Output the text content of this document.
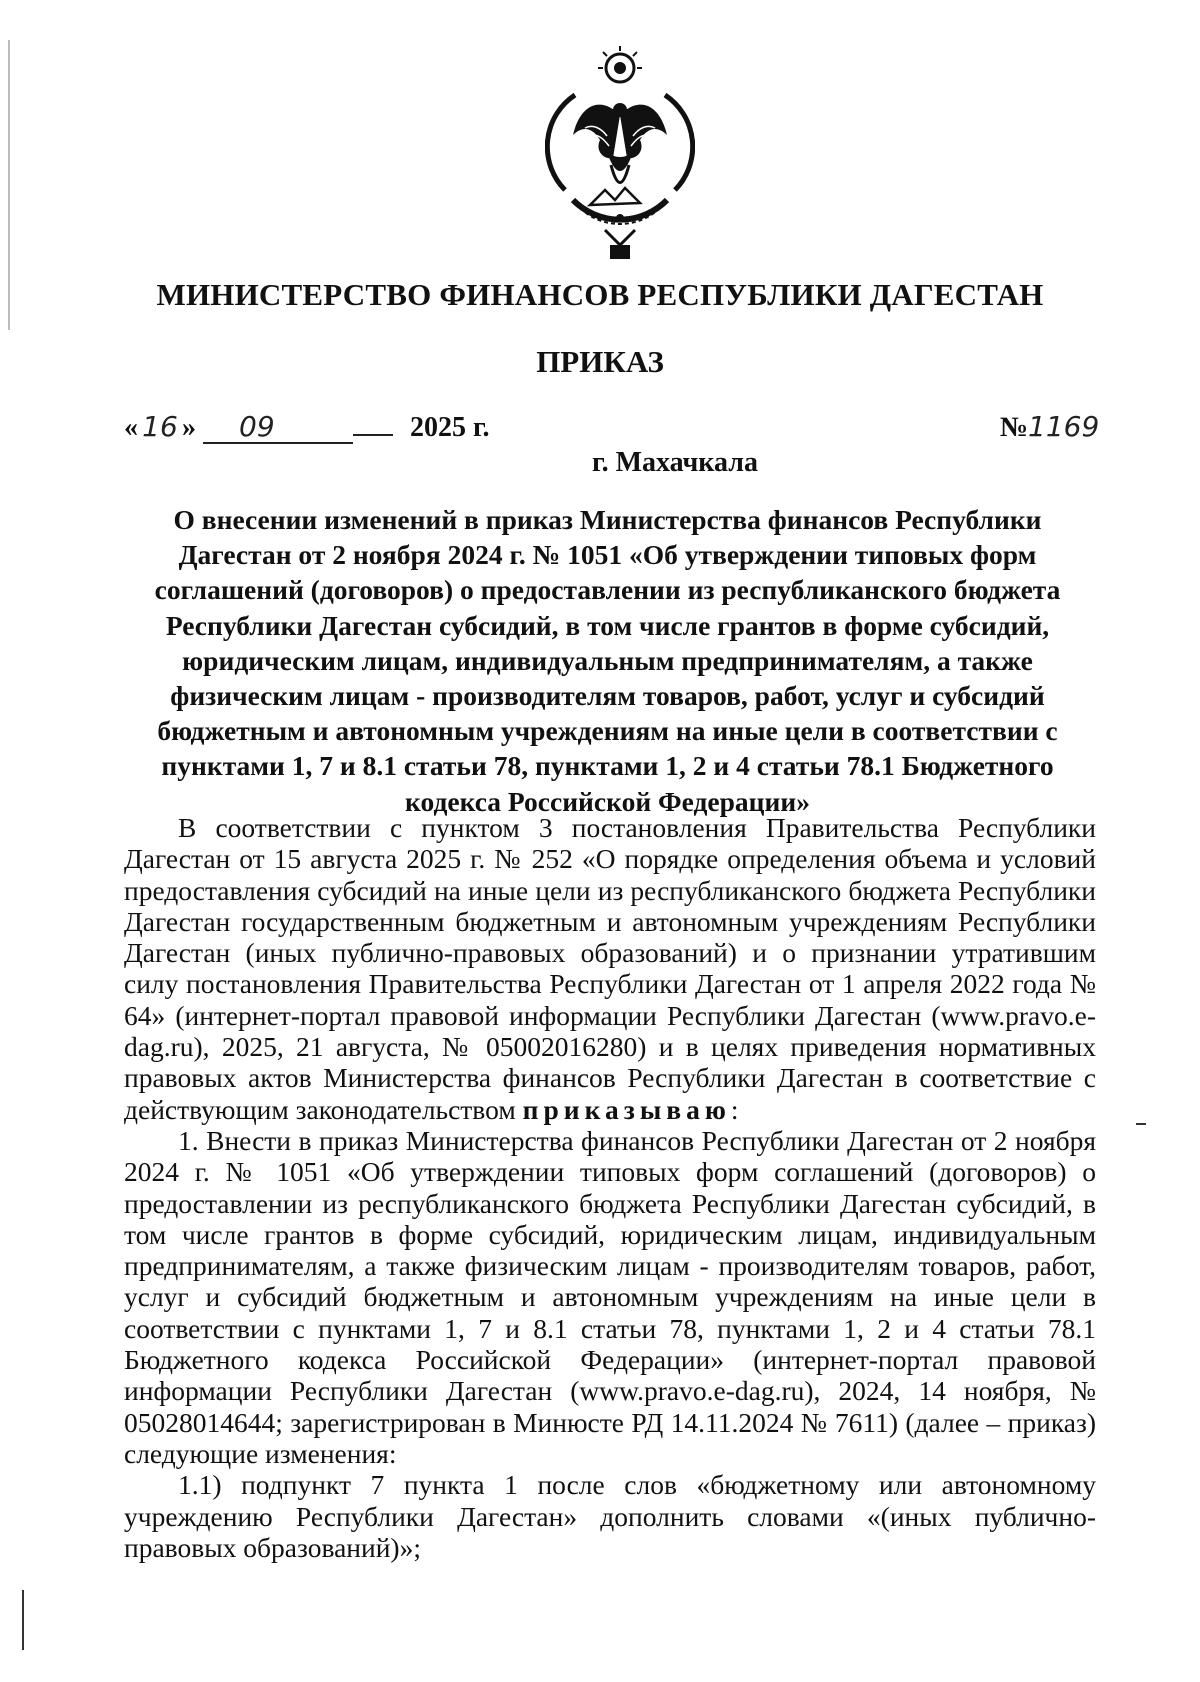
МИНИСТЕРСТВО ФИНАНСОВ РЕСПУБЛИКИ ДАГЕСТАН
ПРИКАЗ
« 16 » 09	2025 г.	№1169
г. Махачкала
О внесении изменений в приказ Министерства финансов Республики Дагестан от 2 ноября 2024 г. № 1051 «Об утверждении типовых форм соглашений (договоров) о предоставлении из республиканского бюджета Республики Дагестан субсидий, в том числе грантов в форме субсидий, юридическим лицам, индивидуальным предпринимателям, а также физическим лицам - производителям товаров, работ, услуг и субсидий бюджетным и автономным учреждениям на иные цели в соответствии с пунктами 1, 7 и 8.1 статьи 78, пунктами 1, 2 и 4 статьи 78.1 Бюджетного кодекса Российской Федерации»

В соответствии с пунктом 3 постановления Правительства Республики Дагестан от 15 августа 2025 г. № 252 «О порядке определения объема и условий предоставления субсидий на иные цели из республиканского бюджета Республики Дагестан государственным бюджетным и автономным учреждениям Республики Дагестан (иных публично-правовых образований) и о признании утратившим силу постановления Правительства Республики Дагестан от 1 апреля 2022 года № 64» (интернет-портал правовой информации Республики Дагестан (www.pravo.e-dag.ru), 2025, 21 августа, № 05002016280) и в целях приведения нормативных правовых актов Министерства финансов Республики Дагестан в соответствие с действующим законодательством приказываю:

1. Внести в приказ Министерства финансов Республики Дагестан от 2 ноября 2024 г. № 1051 «Об утверждении типовых форм соглашений (договоров) о предоставлении из республиканского бюджета Республики Дагестан субсидий, в том числе грантов в форме субсидий, юридическим лицам, индивидуальным предпринимателям, а также физическим лицам - производителям товаров, работ, услуг и субсидий бюджетным и автономным учреждениям на иные цели в соответствии с пунктами 1, 7 и 8.1 статьи 78, пунктами 1, 2 и 4 статьи 78.1 Бюджетного кодекса Российской Федерации» (интернет-портал правовой информации Республики Дагестан (www.pravo.e-dag.ru), 2024, 14 ноября, № 05028014644; зарегистрирован в Минюсте РД 14.11.2024 № 7611) (далее – приказ) следующие изменения:

1.1) подпункт 7 пункта 1 после слов «бюджетному или автономному учреждению Республики Дагестан» дополнить словами «(иных публично-правовых образований)»;
